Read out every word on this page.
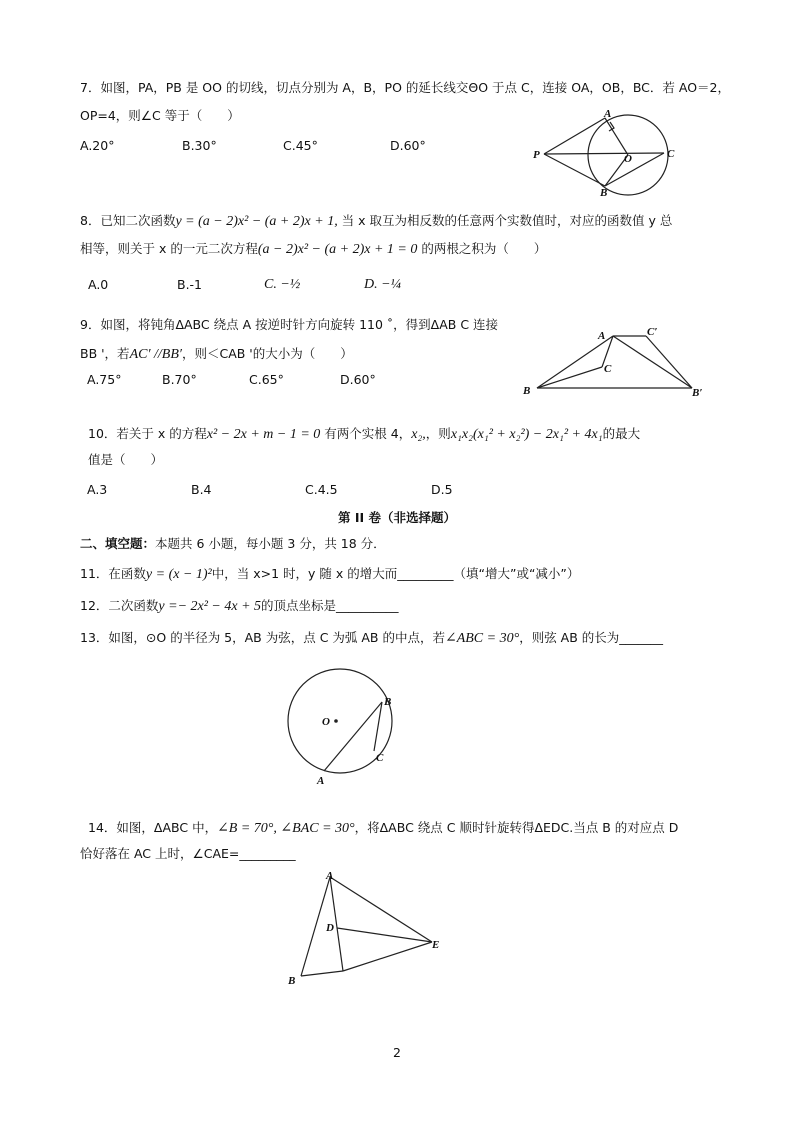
7．如图，PA，PB 是 OO 的切线，切点分别为 A，B，PO 的延长线交ΘO 于点 C，连接 OA，OB，BC．若 AO＝2，
OP=4，则∠C 等于（　　）
A.20°	B.30°	C.45°	D.60°
A
B
C
O
P
8．已知二次函数y = (a − 2)x² − (a + 2)x + 1, 当 x 取互为相反数的任意两个实数值时，对应的函数值 y 总
相等，则关于 x 的一元二次方程(a − 2)x² − (a + 2)x + 1 = 0 的两根之积为（　　）
A.0	B.-1	C. −½	D. −¼
9．如图，将钝角ΔABC 绕点 A 按逆时针方向旋转 110 ˚，得到ΔAB C 连接
BB '，若AC′ //BB′，则＜CAB '的大小为（　　）
A.75°	B.70°	C.65°	D.60°
A	C′
C
B	B′
10．若关于 x 的方程x² − 2x + m − 1 = 0 有两个实根 4，x₂,，则x₁x₂(x₁² + x₂²) − 2x₁² + 4x₁的最大
值是（　　）
A.3	B.4	C.4.5	D.5
第 II 卷（非选择题）
二、填空题：本题共 6 小题，每小题 3 分，共 18 分．
11．在函数y = (x − 1)²中，当 x>1 时，y 随 x 的增大而_________（填“增大”或“减小”）
12．二次函数y =− 2x² − 4x + 5的顶点坐标是__________
13．如图，⊙O 的半径为 5，AB 为弦，点 C 为弧 AB 的中点，若∠ABC = 30°，则弦 AB 的长为_______
O
B
C
A
14．如图，ΔABC 中，∠B = 70°, ∠BAC = 30°，将ΔABC 绕点 C 顺时针旋转得ΔEDC.当点 B 的对应点 D
恰好落在 AC 上时，∠CAE=_________
A
D
E
B
2
